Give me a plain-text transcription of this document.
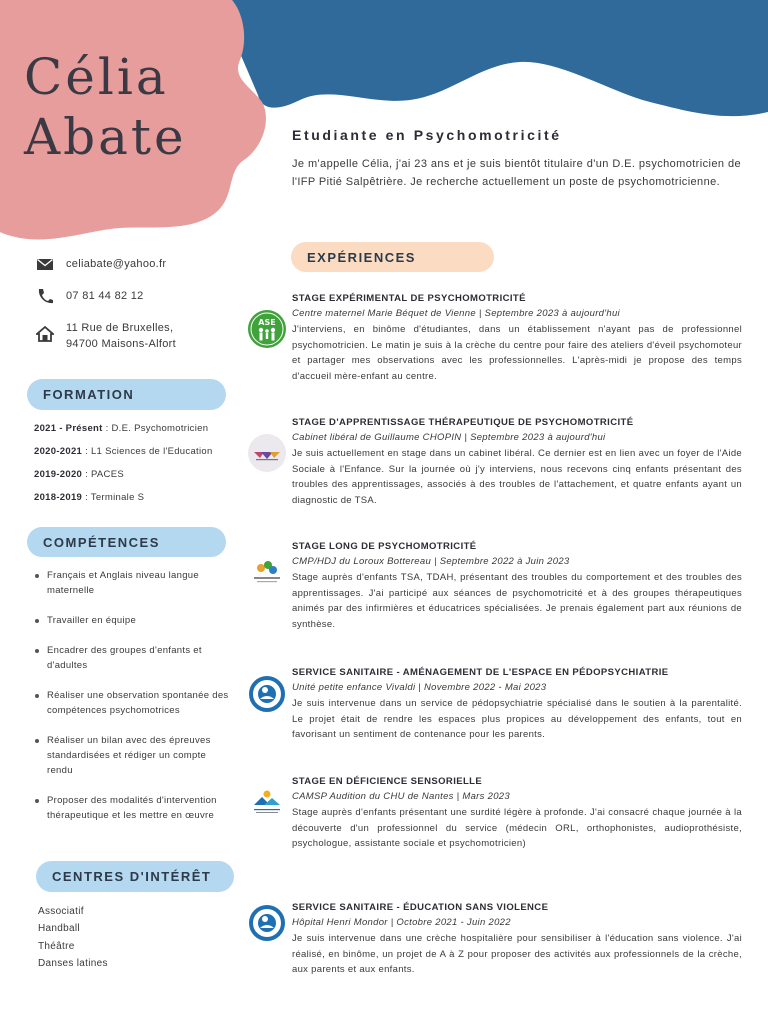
Célia
Abate	Etudiante en Psychomotricité
Je m'appelle Célia, j'ai 23 ans et je suis bientôt titulaire d'un D.E. psychomotricien de l'IFP Pitié Salpêtrière. Je recherche actuellement un poste de psychomotricienne.
celiabate@yahoo.fr
07 81 44 82 12
11 Rue de Bruxelles,
94700 Maisons-Alfort
FORMATION
2021 - Présent : D.E. Psychomotricien
2020-2021 : L1 Sciences de l'Education
2019-2020 : PACES
2018-2019 : Terminale S
COMPÉTENCES
Français et Anglais niveau langue maternelle
Travailler en équipe
Encadrer des groupes d'enfants et d'adultes
Réaliser une observation spontanée des compétences psychomotrices
Réaliser un bilan avec des épreuves standardisées et rédiger un compte rendu
Proposer des modalités d'intervention thérapeutique et les mettre en œuvre
CENTRES D'INTÉRÊT
Associatif
Handball
Théâtre
Danses latines
EXPÉRIENCES
ASE
STAGE EXPÉRIMENTAL DE PSYCHOMOTRICITÉ
Centre maternel Marie Béquet de Vienne | Septembre 2023 à aujourd'hui
J'interviens, en binôme d'étudiantes, dans un établissement n'ayant pas de professionnel psychomotricien. Le matin je suis à la crèche du centre pour faire des ateliers d'éveil psychomoteur et partager mes observations avec les professionnelles. L'après-midi je propose des temps d'accueil mère-enfant au centre.
STAGE D'APPRENTISSAGE THÉRAPEUTIQUE DE PSYCHOMOTRICITÉ
Cabinet libéral de Guillaume CHOPIN | Septembre 2023 à aujourd'hui
Je suis actuellement en stage dans un cabinet libéral. Ce dernier est en lien avec un foyer de l'Aide Sociale à l'Enfance. Sur la journée où j'y interviens, nous recevons cinq enfants présentant des troubles des apprentissages, associés à des troubles de l'attachement, et quatre enfants ayant un diagnostic de TSA.
STAGE LONG DE PSYCHOMOTRICITÉ
CMP/HDJ du Loroux Bottereau | Septembre 2022 à Juin 2023
Stage auprès d'enfants TSA, TDAH, présentant des troubles du comportement et des troubles des apprentissages. J'ai participé aux séances de psychomotricité et à des groupes thérapeutiques animés par des infirmières et éducatrices spécialisées. Je prenais également part aux réunions de synthèse.
SERVICE SANITAIRE - AMÉNAGEMENT DE L'ESPACE EN PÉDOPSYCHIATRIE
Unité petite enfance Vivaldi | Novembre 2022 - Mai 2023
Je suis intervenue dans un service de pédopsychiatrie spécialisé dans le soutien à la parentalité. Le projet était de rendre les espaces plus propices au développement des enfants, tout en favorisant un sentiment de contenance pour les parents.
STAGE EN DÉFICIENCE SENSORIELLE
CAMSP Audition du CHU de Nantes | Mars 2023
Stage auprès d'enfants présentant une surdité légère à profonde. J'ai consacré chaque journée à la découverte d'un professionnel du service (médecin ORL, orthophonistes, audioprothésiste, psychologue, assistante sociale et psychomotricien)
SERVICE SANITAIRE - ÉDUCATION SANS VIOLENCE
Hôpital Henri Mondor | Octobre 2021 - Juin 2022
Je suis intervenue dans une crèche hospitalière pour sensibiliser à l'éducation sans violence. J'ai réalisé, en binôme, un projet de A à Z pour proposer des activités aux professionnels de la crèche, aux parents et aux enfants.
